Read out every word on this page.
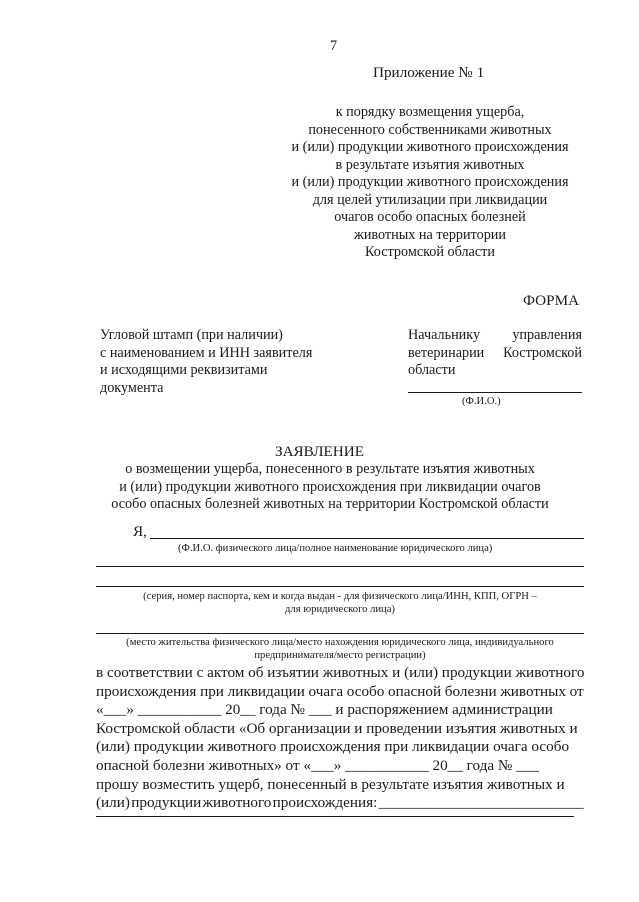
7
Приложение № 1
к порядку возмещения ущерба,
понесенного собственниками животных
и (или) продукции животного происхождения
в результате изъятия животных
и (или) продукции животного происхождения
для целей утилизации при ликвидации
очагов особо опасных болезней
животных на территории
Костромской области
ФОРМА
Угловой штамп (при наличии)
с наименованием и ИНН заявителя
и исходящими реквизитами
документа
Начальнику управления
ветеринарии Костромской
области
(Ф.И.О.)
ЗАЯВЛЕНИЕ
о возмещении ущерба, понесенного в результате изъятия животных
и (или) продукции животного происхождения при ликвидации очагов
особо опасных болезней животных на территории Костромской области
Я,
(Ф.И.О. физического лица/полное наименование юридического лица)
(серия, номер паспорта, кем и когда выдан - для физического лица/ИНН, КПП, ОГРН –
для юридического лица)
(место жительства физического лица/место нахождения юридического лица, индивидуального
предпринимателя/место регистрации)
в соответствии с актом об изъятии животных и (или) продукции животного
происхождения при ликвидации очага особо опасной болезни животных от
«___» ___________ 20__ года № ___ и распоряжением администрации
Костромской области «Об организации и проведении изъятия животных и
(или) продукции животного происхождения при ликвидации очага особо
опасной болезни животных» от «___» ___________ 20__ года № ___
прошу возместить ущерб, понесенный в результате изъятия животных и
(или) продукции животного происхождения: ___________________________
